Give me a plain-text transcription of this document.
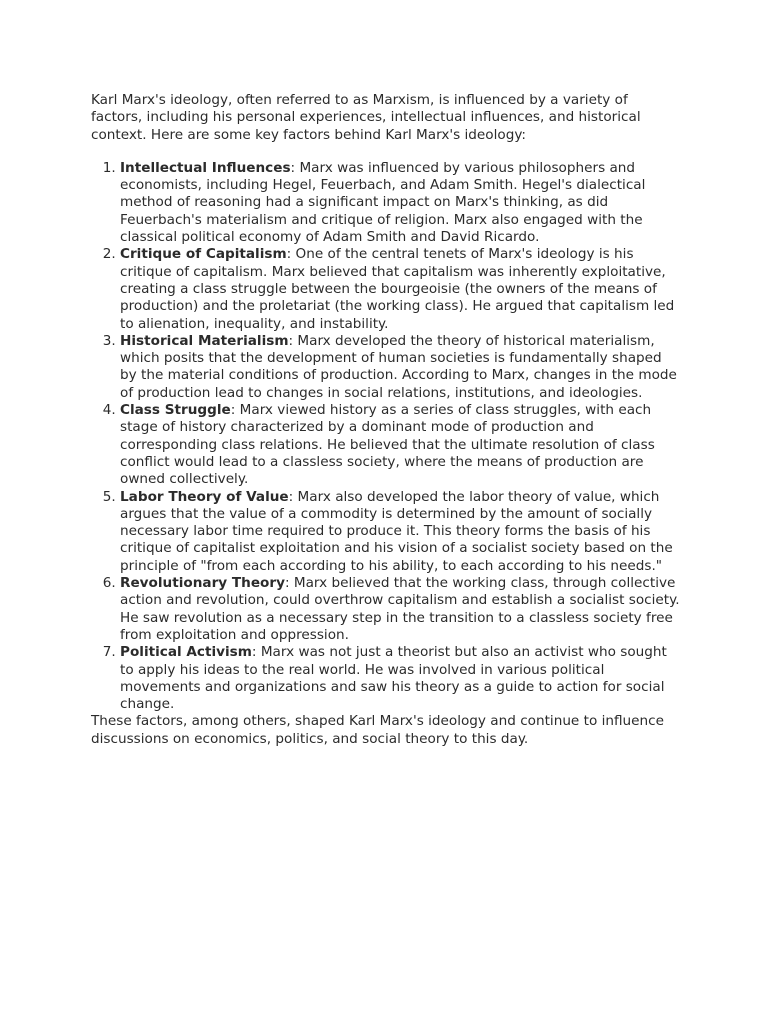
Karl Marx's ideology, often referred to as Marxism, is influenced by a variety of factors, including his personal experiences, intellectual influences, and historical context. Here are some key factors behind Karl Marx's ideology:

1. Intellectual Influences: Marx was influenced by various philosophers and economists, including Hegel, Feuerbach, and Adam Smith. Hegel's dialectical method of reasoning had a significant impact on Marx's thinking, as did Feuerbach's materialism and critique of religion. Marx also engaged with the classical political economy of Adam Smith and David Ricardo.
2. Critique of Capitalism: One of the central tenets of Marx's ideology is his critique of capitalism. Marx believed that capitalism was inherently exploitative, creating a class struggle between the bourgeoisie (the owners of the means of production) and the proletariat (the working class). He argued that capitalism led to alienation, inequality, and instability.
3. Historical Materialism: Marx developed the theory of historical materialism, which posits that the development of human societies is fundamentally shaped by the material conditions of production. According to Marx, changes in the mode of production lead to changes in social relations, institutions, and ideologies.
4. Class Struggle: Marx viewed history as a series of class struggles, with each stage of history characterized by a dominant mode of production and corresponding class relations. He believed that the ultimate resolution of class conflict would lead to a classless society, where the means of production are owned collectively.
5. Labor Theory of Value: Marx also developed the labor theory of value, which argues that the value of a commodity is determined by the amount of socially necessary labor time required to produce it. This theory forms the basis of his critique of capitalist exploitation and his vision of a socialist society based on the principle of "from each according to his ability, to each according to his needs."
6. Revolutionary Theory: Marx believed that the working class, through collective action and revolution, could overthrow capitalism and establish a socialist society. He saw revolution as a necessary step in the transition to a classless society free from exploitation and oppression.
7. Political Activism: Marx was not just a theorist but also an activist who sought to apply his ideas to the real world. He was involved in various political movements and organizations and saw his theory as a guide to action for social change.

These factors, among others, shaped Karl Marx's ideology and continue to influence discussions on economics, politics, and social theory to this day.
